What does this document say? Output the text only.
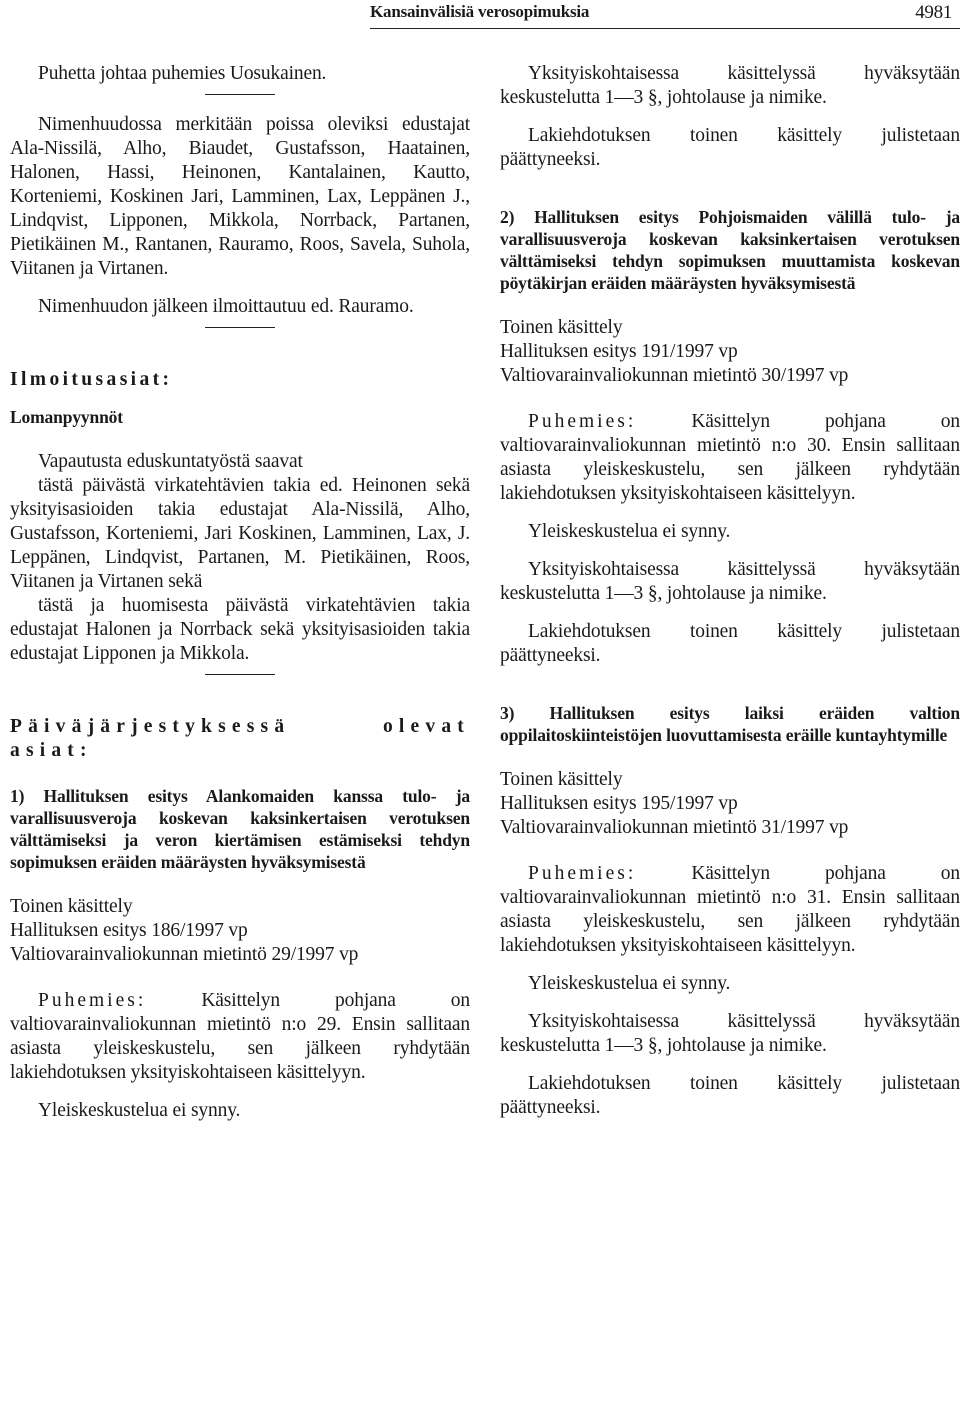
Kansainvälisiä verosopimuksia	4981

Puhetta johtaa puhemies Uosukainen.

Nimenhuudossa merkitään poissa oleviksi edustajat Ala-Nissilä, Alho, Biaudet, Gustafsson, Haatainen, Halonen, Hassi, Heinonen, Kantalainen, Kautto, Korteniemi, Koskinen Jari, Lamminen, Lax, Leppänen J., Lindqvist, Lipponen, Mikkola, Norrback, Partanen, Pietikäinen M., Rantanen, Rauramo, Roos, Savela, Suhola, Viitanen ja Virtanen.

Nimenhuudon jälkeen ilmoittautuu ed. Rauramo.

Ilmoitusasiat:

Lomanpyynnöt

Vapautusta eduskuntatyöstä saavat

tästä päivästä virkatehtävien takia ed. Heinonen sekä yksityisasioiden takia edustajat Ala-Nissilä, Alho, Gustafsson, Korteniemi, Jari Koskinen, Lamminen, Lax, J. Leppänen, Lindqvist, Partanen, M. Pietikäinen, Roos, Viitanen ja Virtanen sekä

tästä ja huomisesta päivästä virkatehtävien takia edustajat Halonen ja Norrback sekä yksityisasioiden takia edustajat Lipponen ja Mikkola.

Päiväjärjestyksessä olevat asiat:

1) Hallituksen esitys Alankomaiden kanssa tulo- ja varallisuusveroja koskevan kaksinkertaisen verotuksen välttämiseksi ja veron kiertämisen estämiseksi tehdyn sopimuksen eräiden määräysten hyväksymisestä

Toinen käsittely

Hallituksen esitys 186/1997 vp

Valtiovarainvaliokunnan mietintö 29/1997 vp

Puhemies: Käsittelyn pohjana on valtiovarainvaliokunnan mietintö n:o 29. Ensin sallitaan asiasta yleiskeskustelu, sen jälkeen ryhdytään lakiehdotuksen yksityiskohtaiseen käsittelyyn.

Yleiskeskustelua ei synny.

Yksityiskohtaisessa käsittelyssä hyväksytään keskustelutta 1—3 §, johtolause ja nimike.

Lakiehdotuksen toinen käsittely julistetaan päättyneeksi.

2) Hallituksen esitys Pohjoismaiden välillä tulo- ja varallisuusveroja koskevan kaksinkertaisen verotuksen välttämiseksi tehdyn sopimuksen muuttamista koskevan pöytäkirjan eräiden määräysten hyväksymisestä

Toinen käsittely

Hallituksen esitys 191/1997 vp

Valtiovarainvaliokunnan mietintö 30/1997 vp

Puhemies: Käsittelyn pohjana on valtiovarainvaliokunnan mietintö n:o 30. Ensin sallitaan asiasta yleiskeskustelu, sen jälkeen ryhdytään lakiehdotuksen yksityiskohtaiseen käsittelyyn.

Yleiskeskustelua ei synny.

Yksityiskohtaisessa käsittelyssä hyväksytään keskustelutta 1—3 §, johtolause ja nimike.

Lakiehdotuksen toinen käsittely julistetaan päättyneeksi.

3) Hallituksen esitys laiksi eräiden valtion oppilaitoskiinteistöjen luovuttamisesta eräille kuntayhtymille

Toinen käsittely

Hallituksen esitys 195/1997 vp

Valtiovarainvaliokunnan mietintö 31/1997 vp

Puhemies: Käsittelyn pohjana on valtiovarainvaliokunnan mietintö n:o 31. Ensin sallitaan asiasta yleiskeskustelu, sen jälkeen ryhdytään lakiehdotuksen yksityiskohtaiseen käsittelyyn.

Yleiskeskustelua ei synny.

Yksityiskohtaisessa käsittelyssä hyväksytään keskustelutta 1—3 §, johtolause ja nimike.

Lakiehdotuksen toinen käsittely julistetaan päättyneeksi.
